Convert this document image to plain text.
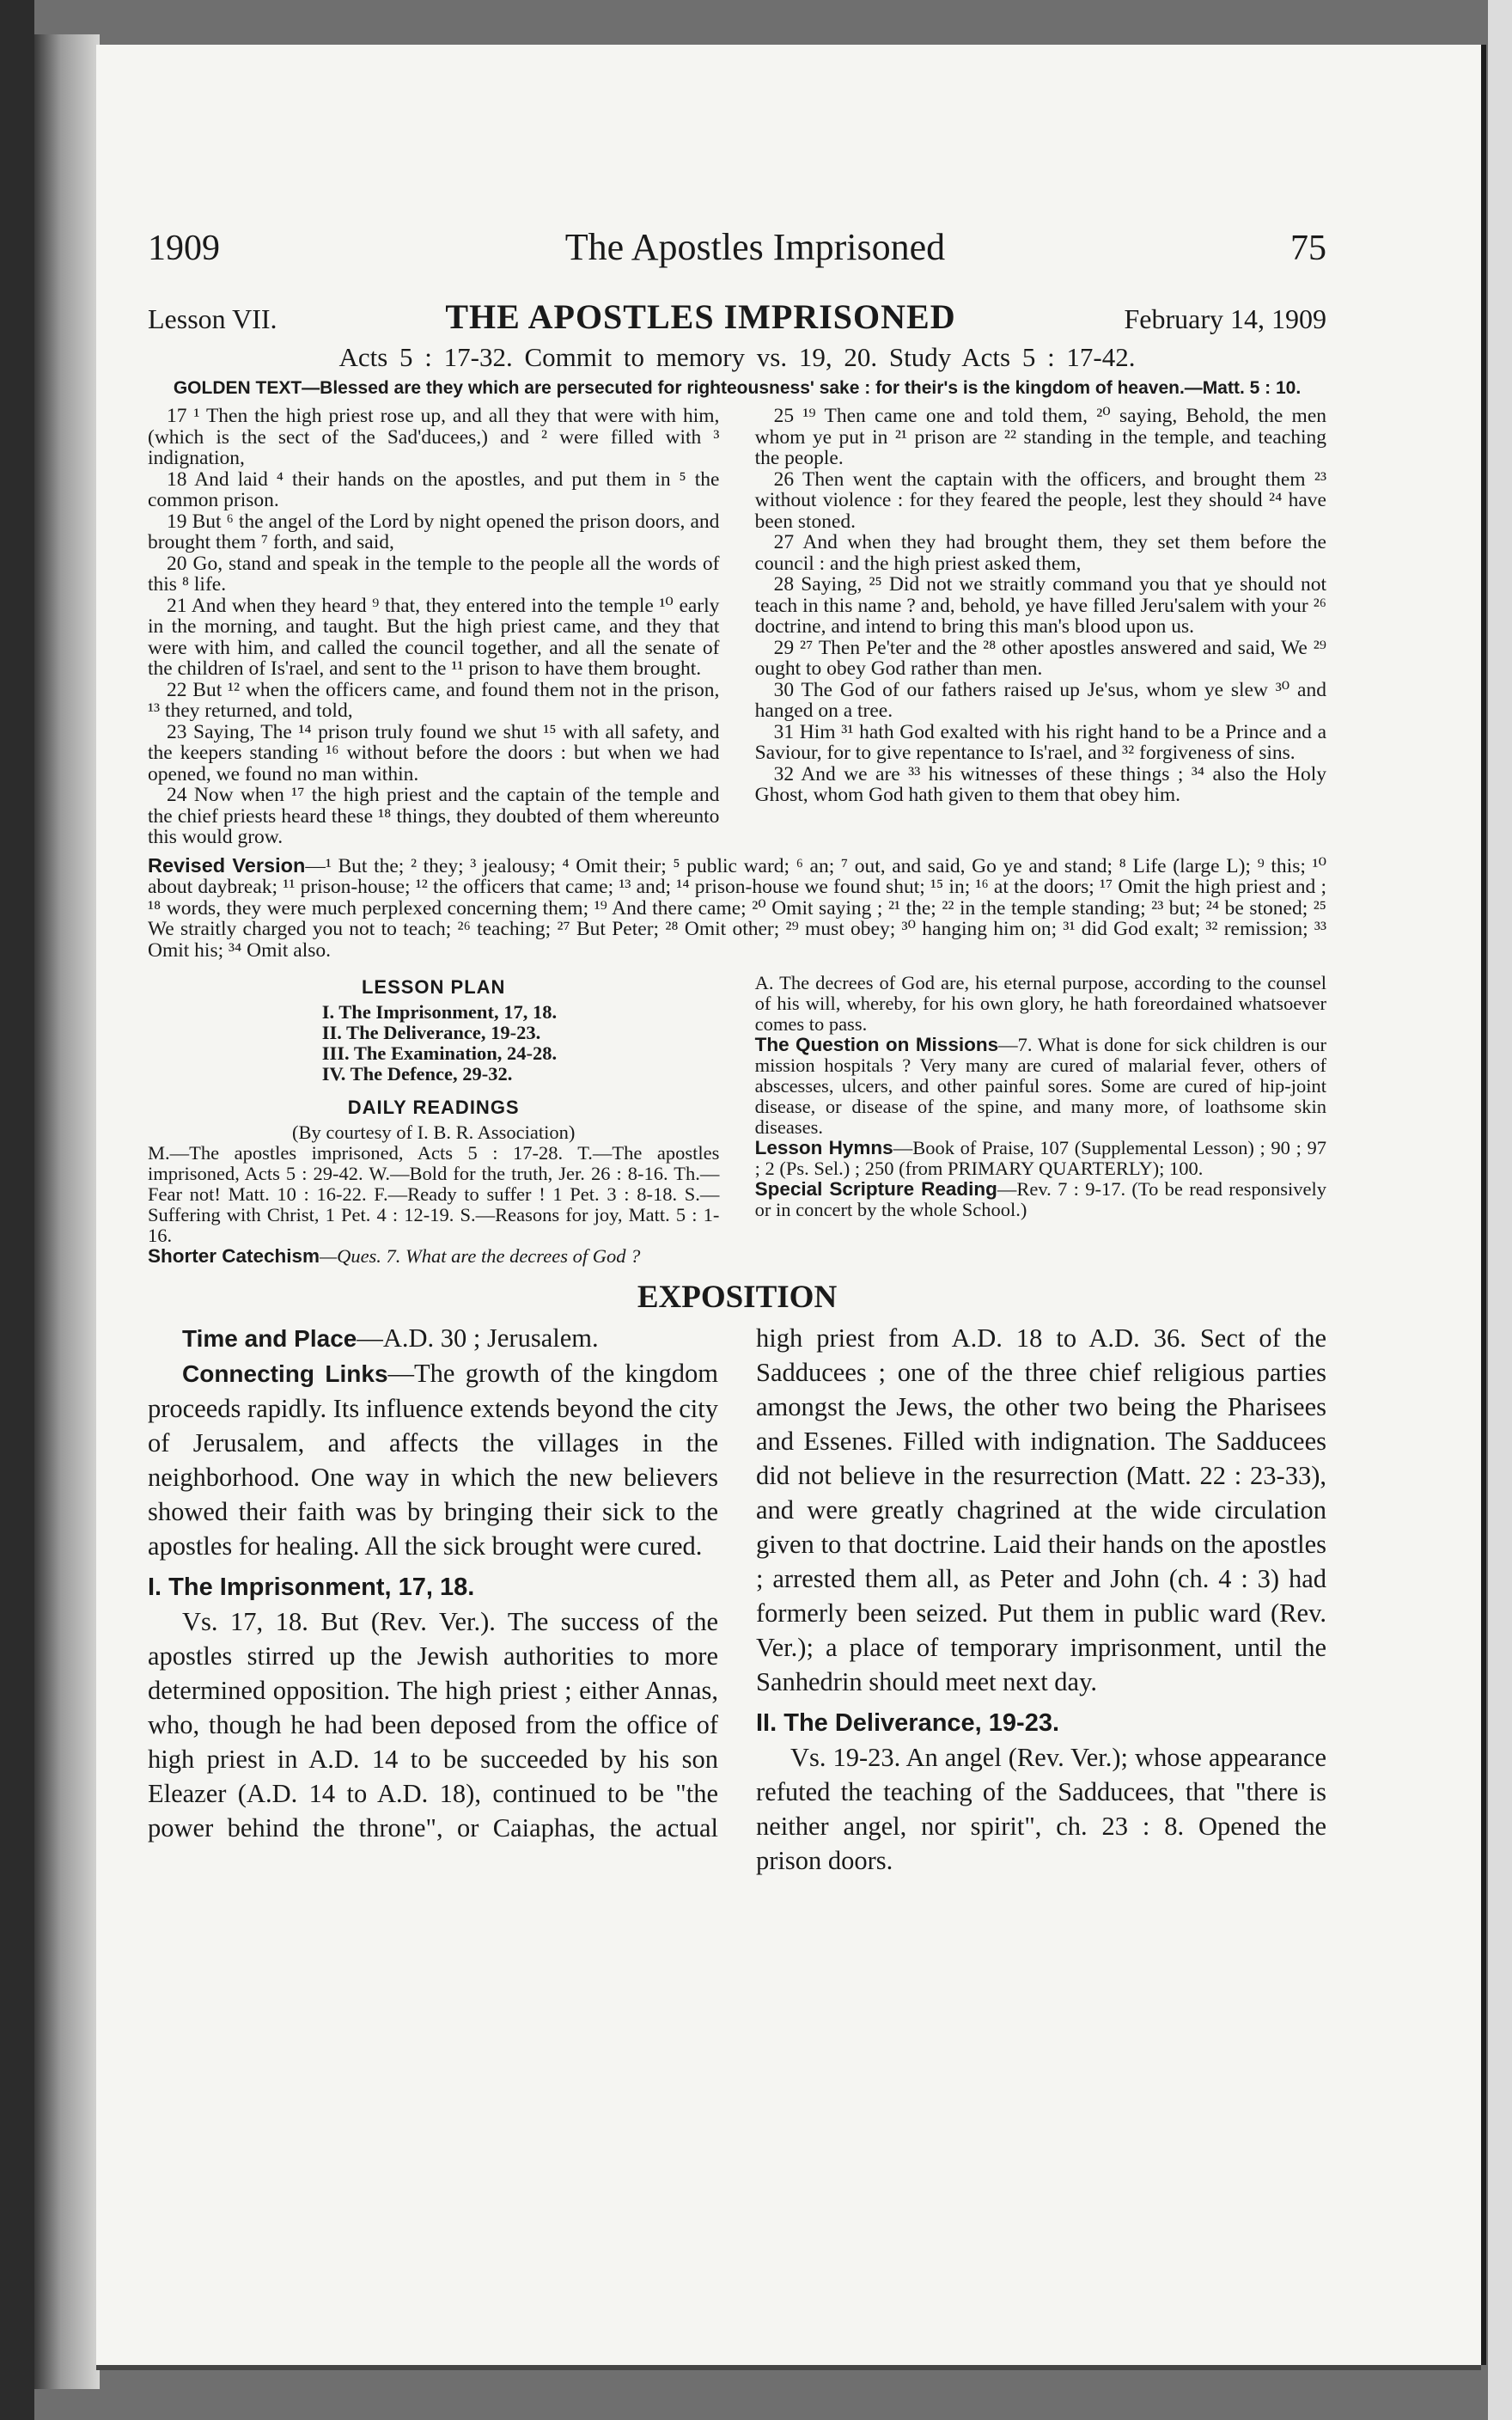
1909	The Apostles Imprisoned	75
Lesson VII.	THE APOSTLES IMPRISONED	February 14, 1909
Acts 5 : 17-32. Commit to memory vs. 19, 20. Study Acts 5 : 17-42.
GOLDEN TEXT—Blessed are they which are persecuted for righteousness' sake : for their's is the kingdom of heaven.—Matt. 5 : 10.

17 ¹ Then the high priest rose up, and all they that were with him, (which is the sect of the Sad'ducees,) and ² were filled with ³ indignation,

18 And laid ⁴ their hands on the apostles, and put them in ⁵ the common prison.

19 But ⁶ the angel of the Lord by night opened the prison doors, and brought them ⁷ forth, and said,

20 Go, stand and speak in the temple to the people all the words of this ⁸ life.

21 And when they heard ⁹ that, they entered into the temple ¹⁰ early in the morning, and taught. But the high priest came, and they that were with him, and called the council together, and all the senate of the children of Is'rael, and sent to the ¹¹ prison to have them brought.

22 But ¹² when the officers came, and found them not in the prison, ¹³ they returned, and told,

23 Saying, The ¹⁴ prison truly found we shut ¹⁵ with all safety, and the keepers standing ¹⁶ without before the doors : but when we had opened, we found no man within.

24 Now when ¹⁷ the high priest and the captain of the temple and the chief priests heard these ¹⁸ things, they doubted of them whereunto this would grow.

25 ¹⁹ Then came one and told them, ²⁰ saying, Behold, the men whom ye put in ²¹ prison are ²² standing in the temple, and teaching the people.

26 Then went the captain with the officers, and brought them ²³ without violence : for they feared the people, lest they should ²⁴ have been stoned.

27 And when they had brought them, they set them before the council : and the high priest asked them,

28 Saying, ²⁵ Did not we straitly command you that ye should not teach in this name ? and, behold, ye have filled Jeru'salem with your ²⁶ doctrine, and intend to bring this man's blood upon us.

29 ²⁷ Then Pe'ter and the ²⁸ other apostles answered and said, We ²⁹ ought to obey God rather than men.

30 The God of our fathers raised up Je'sus, whom ye slew ³⁰ and hanged on a tree.

31 Him ³¹ hath God exalted with his right hand to be a Prince and a Saviour, for to give repentance to Is'rael, and ³² forgiveness of sins.

32 And we are ³³ his witnesses of these things ; ³⁴ also the Holy Ghost, whom God hath given to them that obey him.

Revised Version—¹ But the; ² they; ³ jealousy; ⁴ Omit their; ⁵ public ward; ⁶ an; ⁷ out, and said, Go ye and stand; ⁸ Life (large L); ⁹ this; ¹⁰ about daybreak; ¹¹ prison-house; ¹² the officers that came; ¹³ and; ¹⁴ prison-house we found shut; ¹⁵ in; ¹⁶ at the doors; ¹⁷ Omit the high priest and ; ¹⁸ words, they were much perplexed concerning them; ¹⁹ And there came; ²⁰ Omit saying ; ²¹ the; ²² in the temple standing; ²³ but; ²⁴ be stoned; ²⁵ We straitly charged you not to teach; ²⁶ teaching; ²⁷ But Peter; ²⁸ Omit other; ²⁹ must obey; ³⁰ hanging him on; ³¹ did God exalt; ³² remission; ³³ Omit his; ³⁴ Omit also.
LESSON PLAN
I. The Imprisonment, 17, 18.
II. The Deliverance, 19-23.
III. The Examination, 24-28.
IV. The Defence, 29-32.
DAILY READINGS
(By courtesy of I. B. R. Association)
M.—The apostles imprisoned, Acts 5 : 17-28. T.—The apostles imprisoned, Acts 5 : 29-42. W.—Bold for the truth, Jer. 26 : 8-16. Th.—Fear not! Matt. 10 : 16-22. F.—Ready to suffer ! 1 Pet. 3 : 8-18. S.—Suffering with Christ, 1 Pet. 4 : 12-19. S.—Reasons for joy, Matt. 5 : 1-16.
Shorter Catechism—Ques. 7. What are the decrees of God ?
A. The decrees of God are, his eternal purpose, according to the counsel of his will, whereby, for his own glory, he hath foreordained whatsoever comes to pass.
The Question on Missions—7. What is done for sick children is our mission hospitals ? Very many are cured of malarial fever, others of abscesses, ulcers, and other painful sores. Some are cured of hip-joint disease, or disease of the spine, and many more, of loathsome skin diseases.
Lesson Hymns—Book of Praise, 107 (Supplemental Lesson) ; 90 ; 97 ; 2 (Ps. Sel.) ; 250 (from PRIMARY QUARTERLY); 100.
Special Scripture Reading—Rev. 7 : 9-17. (To be read responsively or in concert by the whole School.)
EXPOSITION

Time and Place—A.D. 30 ; Jerusalem.

Connecting Links—The growth of the kingdom proceeds rapidly. Its influence extends beyond the city of Jerusalem, and affects the villages in the neighborhood. One way in which the new believers showed their faith was by bringing their sick to the apostles for healing. All the sick brought were cured.

I. The Imprisonment, 17, 18.

Vs. 17, 18. But (Rev. Ver.). The success of the apostles stirred up the Jewish authorities to more determined opposition. The high priest ; either Annas, who, though he had been deposed from the office of high priest in A.D. 14 to be succeeded by his son Eleazer (A.D. 14 to A.D. 18), continued to be "the power behind the throne", or Caiaphas, the actual high priest from A.D. 18 to A.D. 36. Sect of the Sadducees ; one of the three chief religious parties amongst the Jews, the other two being the Pharisees and Essenes. Filled with indignation. The Sadducees did not believe in the resurrection (Matt. 22 : 23-33), and were greatly chagrined at the wide circulation given to that doctrine. Laid their hands on the apostles ; arrested them all, as Peter and John (ch. 4 : 3) had formerly been seized. Put them in public ward (Rev. Ver.); a place of temporary imprisonment, until the Sanhedrin should meet next day.

II. The Deliverance, 19-23.

Vs. 19-23. An angel (Rev. Ver.); whose appearance refuted the teaching of the Sadducees, that "there is neither angel, nor spirit", ch. 23 : 8. Opened the prison doors.
